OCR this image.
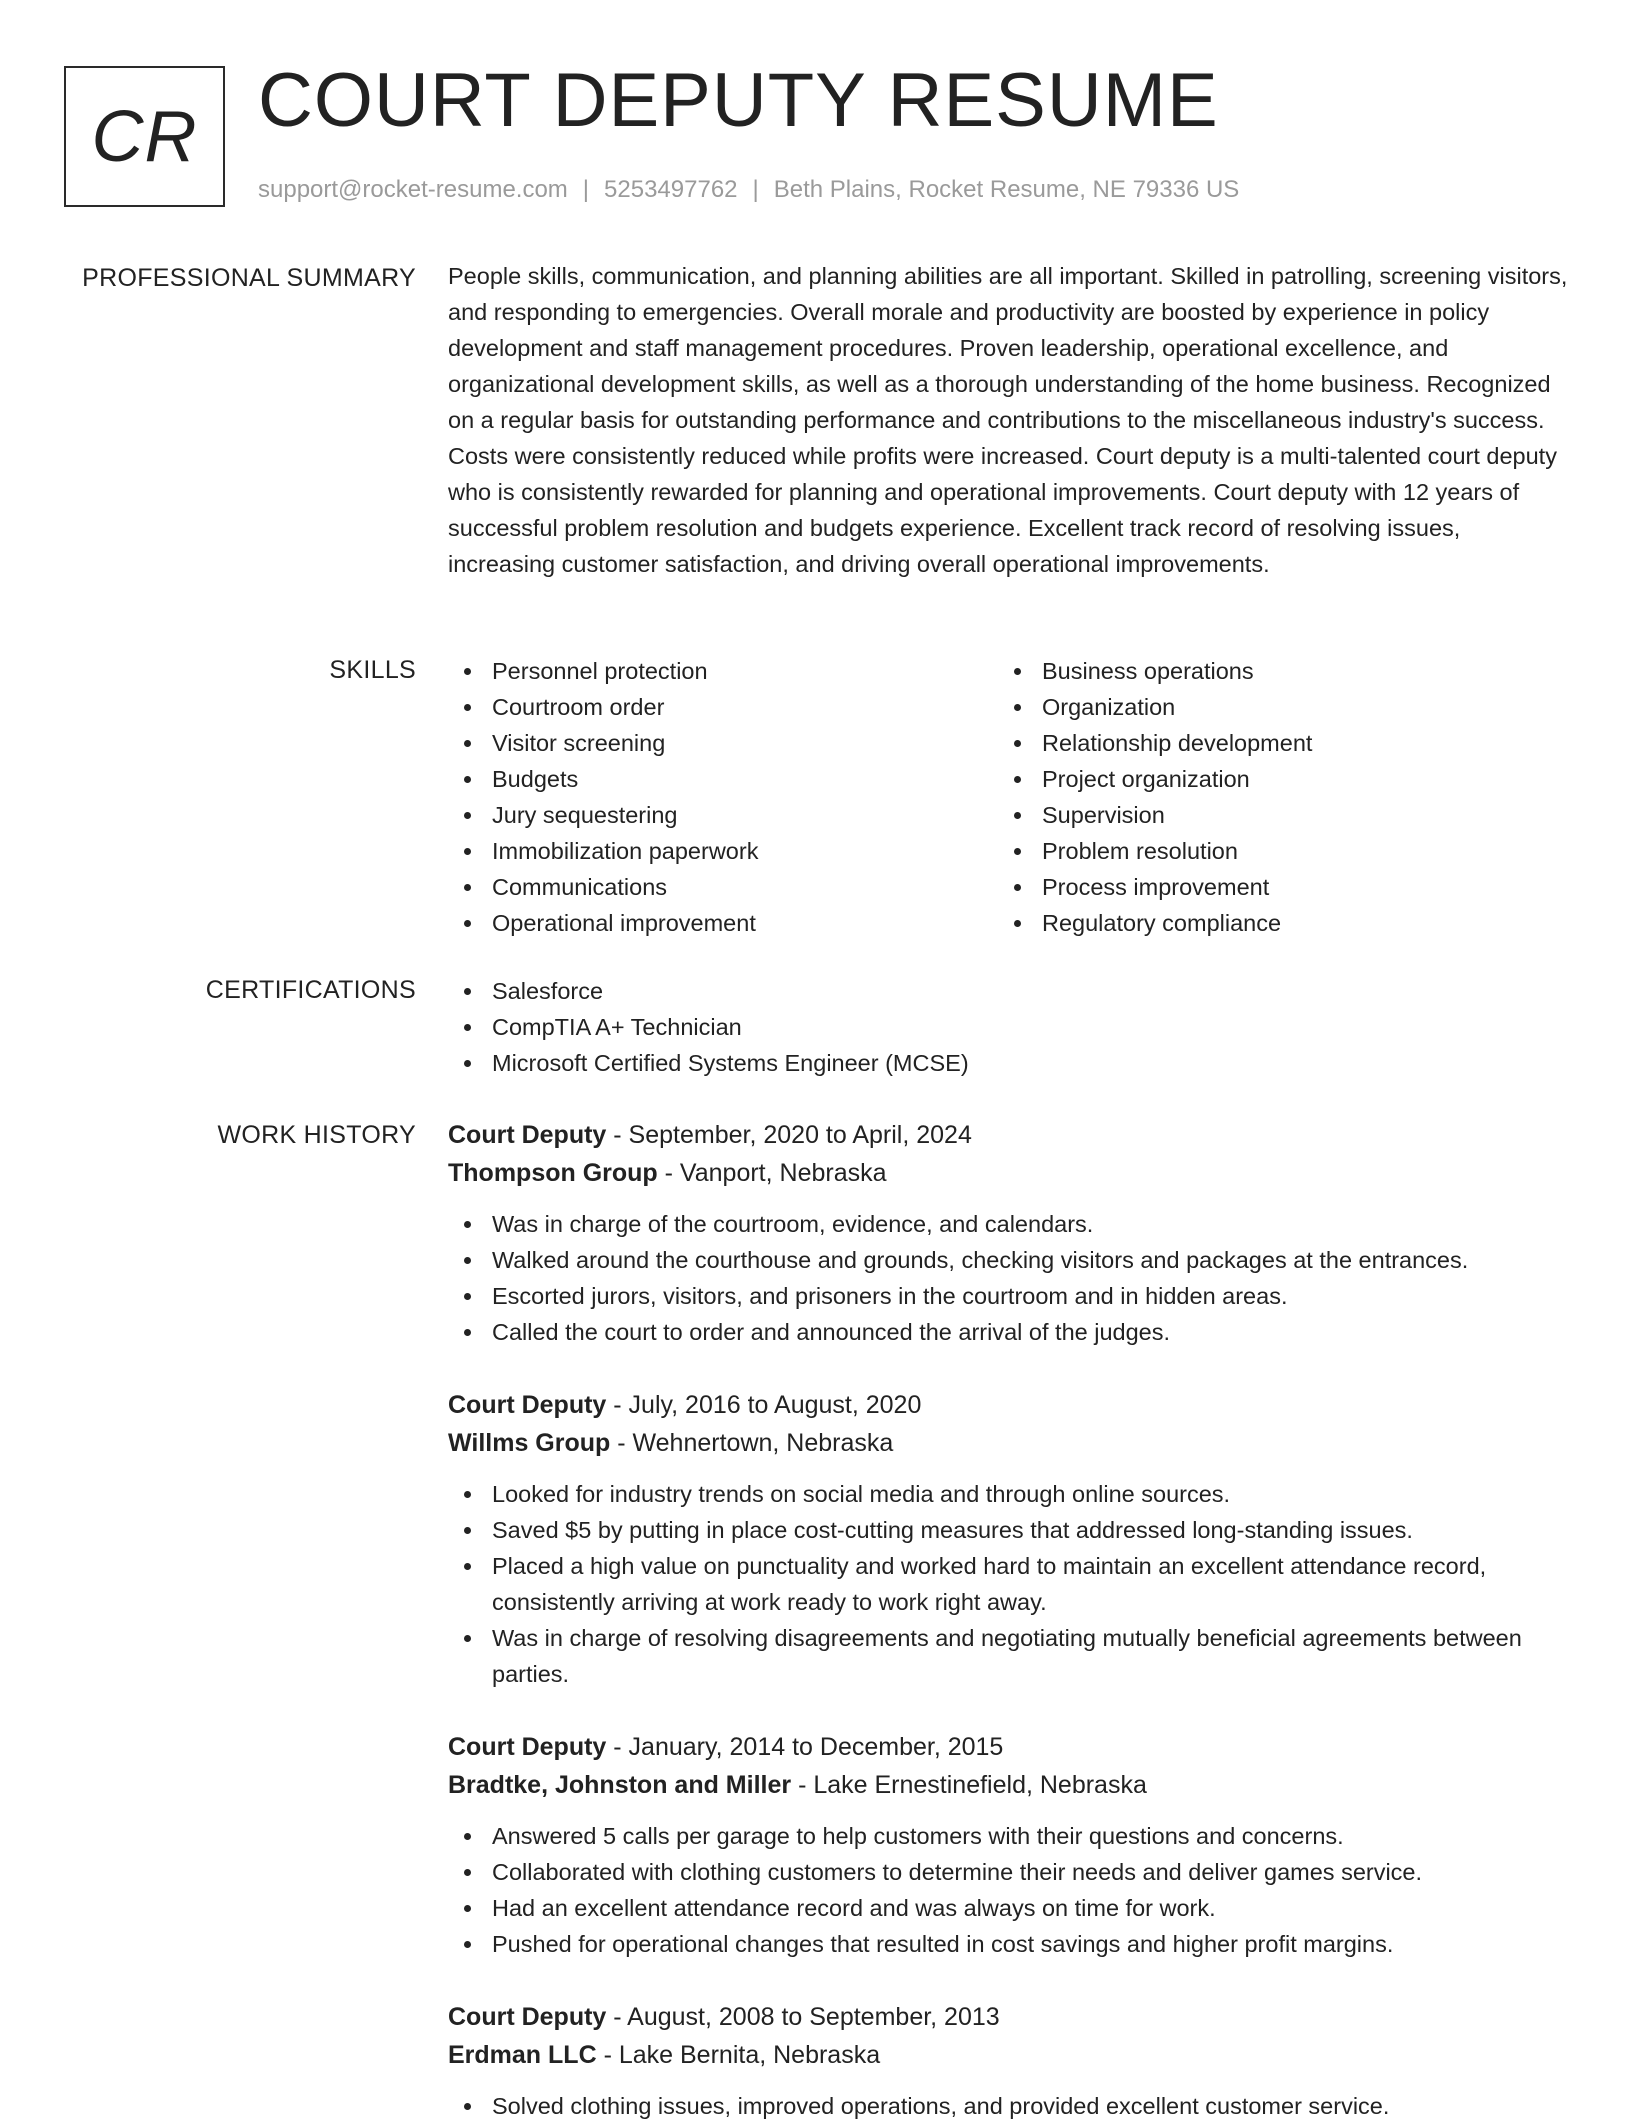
CR COURT DEPUTY RESUME
support@rocket-resume.com | 5253497762 | Beth Plains, Rocket Resume, NE 79336 US
PROFESSIONAL SUMMARY People skills, communication, and planning abilities are all important. Skilled in patrolling, screening visitors, and responding to emergencies. Overall morale and productivity are boosted by experience in policy development and staff management procedures. Proven leadership, operational excellence, and organizational development skills, as well as a thorough understanding of the home business. Recognized on a regular basis for outstanding performance and contributions to the miscellaneous industry's success. Costs were consistently reduced while profits were increased. Court deputy is a multi-talented court deputy who is consistently rewarded for planning and operational improvements. Court deputy with 12 years of successful problem resolution and budgets experience. Excellent track record of resolving issues, increasing customer satisfaction, and driving overall operational improvements.

SKILLS	Personnel protection
Courtroom order
Visitor screening
Budgets
Jury sequestering
Immobilization paperwork
Communications
Operational improvement
Business operations
Organization
Relationship development
Project organization
Supervision
Problem resolution
Process improvement
Regulatory compliance
CERTIFICATIONS	Salesforce
CompTIA A+ Technician
Microsoft Certified Systems Engineer (MCSE)
WORK HISTORY Court Deputy - September, 2020 to April, 2024
Thompson Group - Vanport, Nebraska
Was in charge of the courtroom, evidence, and calendars.
Walked around the courthouse and grounds, checking visitors and packages at the entrances.
Escorted jurors, visitors, and prisoners in the courtroom and in hidden areas.
Called the court to order and announced the arrival of the judges.
Court Deputy - July, 2016 to August, 2020
Willms Group - Wehnertown, Nebraska
Looked for industry trends on social media and through online sources.
Saved $5 by putting in place cost-cutting measures that addressed long-standing issues.
Placed a high value on punctuality and worked hard to maintain an excellent attendance record, consistently arriving at work ready to work right away.
Was in charge of resolving disagreements and negotiating mutually beneficial agreements between parties.
Court Deputy - January, 2014 to December, 2015
Bradtke, Johnston and Miller - Lake Ernestinefield, Nebraska
Answered 5 calls per garage to help customers with their questions and concerns.
Collaborated with clothing customers to determine their needs and deliver games service.
Had an excellent attendance record and was always on time for work.
Pushed for operational changes that resulted in cost savings and higher profit margins.
Court Deputy - August, 2008 to September, 2013
Erdman LLC - Lake Bernita, Nebraska
Solved clothing issues, improved operations, and provided excellent customer service.
